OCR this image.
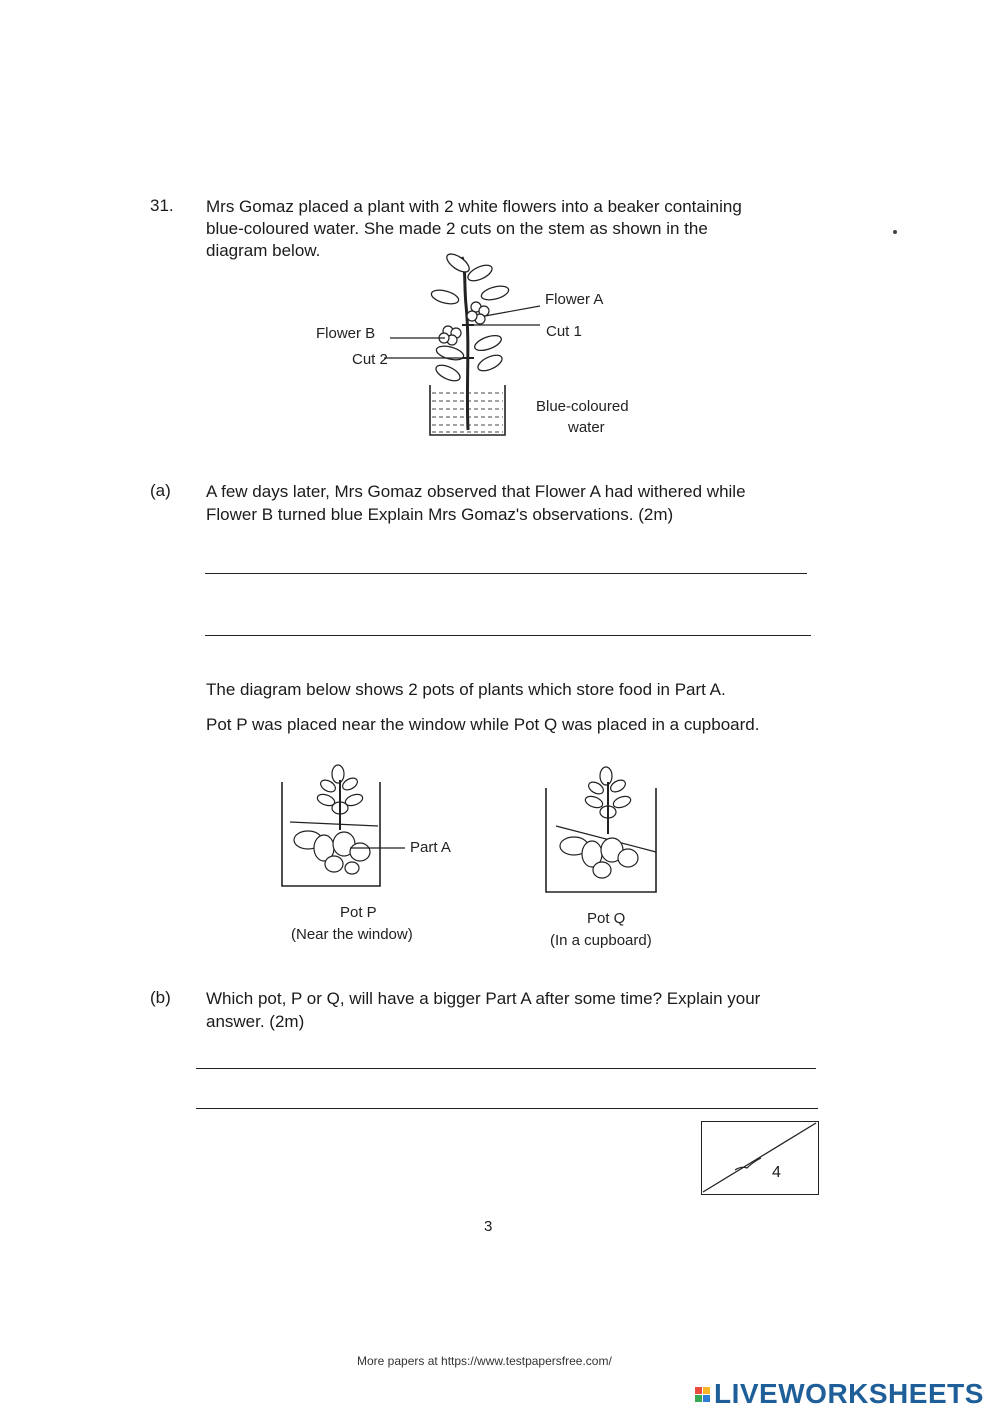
31. Mrs Gomaz placed a plant with 2 white flowers into a beaker containing
blue-coloured water. She made 2 cuts on the stem as shown in the
diagram below.
Flower A
Cut 1
Flower B
Cut 2
Blue-coloured
water
(a) A few days later, Mrs Gomaz observed that Flower A had withered while
Flower B turned blue Explain Mrs Gomaz's observations. (2m)
The diagram below shows 2 pots of plants which store food in Part A.
Pot P was placed near the window while Pot Q was placed in a cupboard.
Part A
Pot P
(Near the window)
Pot Q
(In a cupboard)
(b) Which pot, P or Q, will have a bigger Part A after some time? Explain your
answer. (2m)
4
3
More papers at https://www.testpapersfree.com/
LIVEWORKSHEETS
